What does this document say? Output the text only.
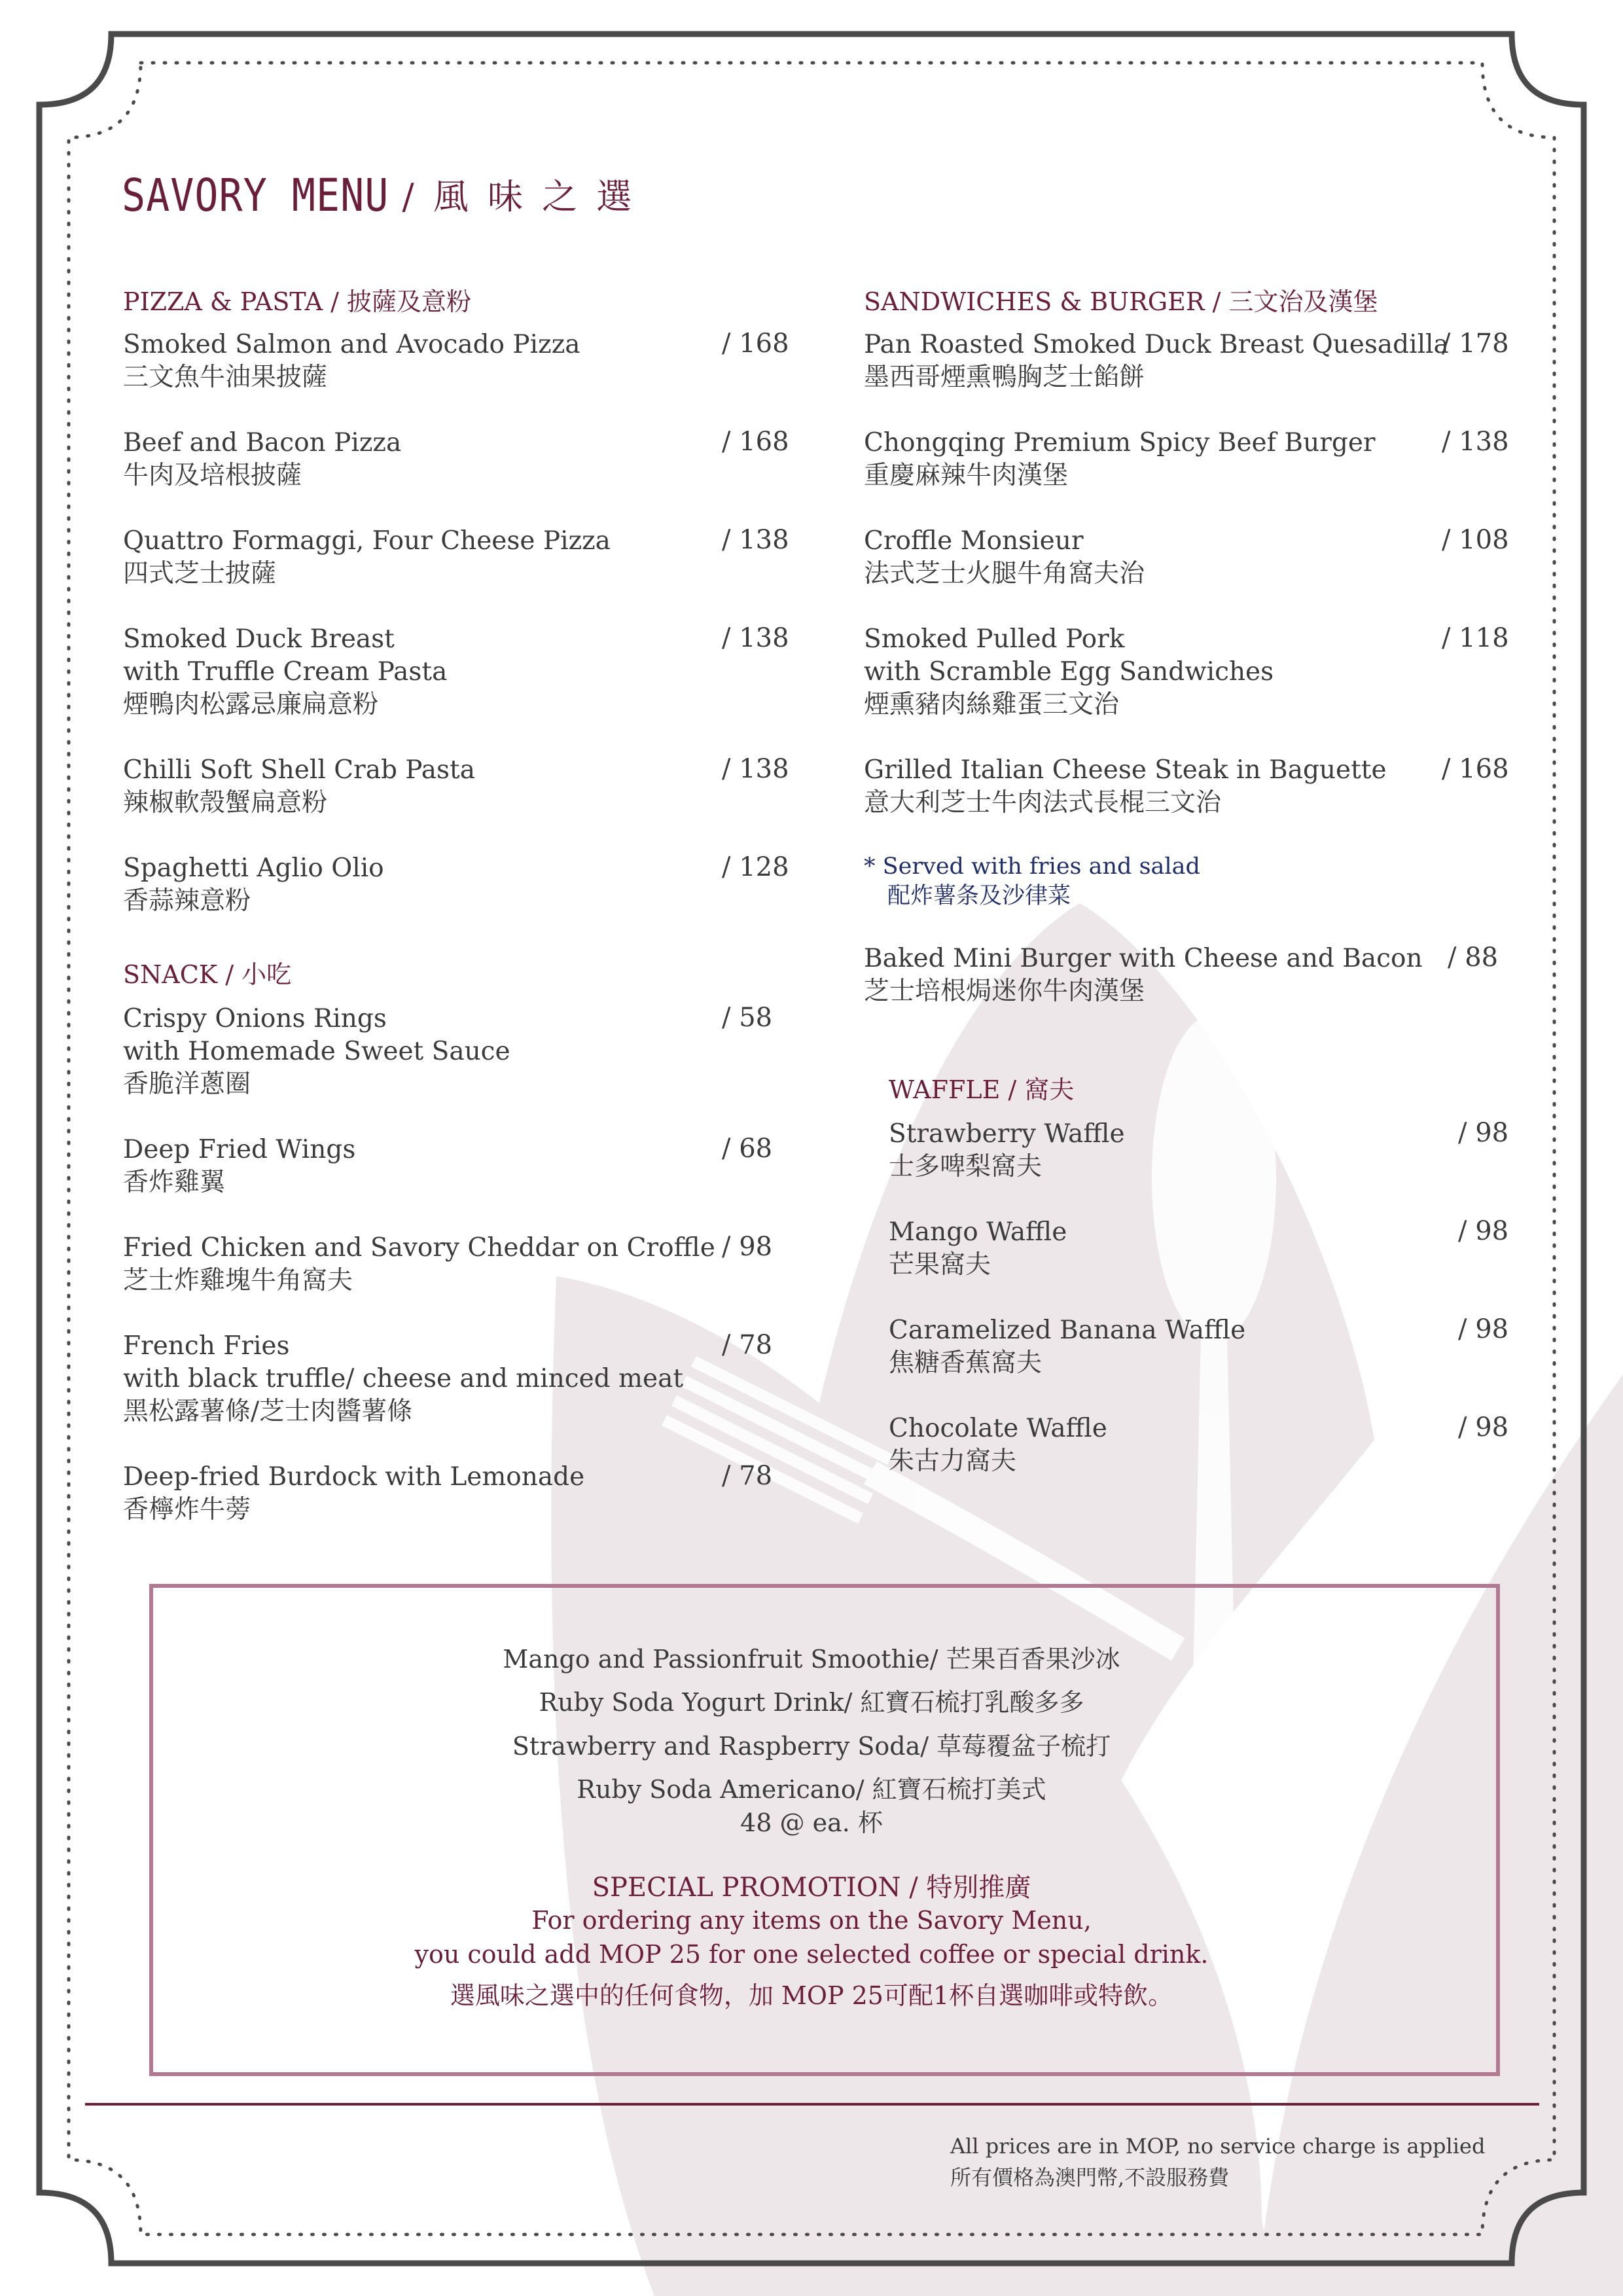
SAVORY MENU / 風 味 之 選
PIZZA & PASTA / 披薩及意粉
Smoked Salmon and Avocado Pizza
三文魚牛油果披薩
/ 168
Beef and Bacon Pizza
牛肉及培根披薩
/ 168
Quattro Formaggi, Four Cheese Pizza
四式芝士披薩
/ 138
Smoked Duck Breast
with Truffle Cream Pasta
煙鴨肉松露忌廉扁意粉
/ 138
Chilli Soft Shell Crab Pasta
辣椒軟殼蟹扁意粉
/ 138
Spaghetti Aglio Olio
香蒜辣意粉
/ 128
SNACK / 小吃
Crispy Onions Rings
with Homemade Sweet Sauce
香脆洋蔥圈
/ 58
Deep Fried Wings
香炸雞翼
/ 68
Fried Chicken and Savory Cheddar on Croffle
芝士炸雞塊牛角窩夫
/ 98
French Fries
with black truffle/ cheese and minced meat
黑松露薯條/芝士肉醬薯條
/ 78
Deep-fried Burdock with Lemonade
香檸炸牛蒡
/ 78
SANDWICHES & BURGER / 三文治及漢堡
Pan Roasted Smoked Duck Breast Quesadilla
墨西哥煙熏鴨胸芝士餡餅
/ 178
Chongqing Premium Spicy Beef Burger
重慶麻辣牛肉漢堡
/ 138
Croffle Monsieur
法式芝士火腿牛角窩夫治
/ 108
Smoked Pulled Pork
with Scramble Egg Sandwiches
煙熏豬肉絲雞蛋三文治
/ 118
Grilled Italian Cheese Steak in Baguette
意大利芝士牛肉法式長棍三文治
/ 168
* Served with fries and salad
配炸薯条及沙律菜
Baked Mini Burger with Cheese and Bacon
芝士培根焗迷你牛肉漢堡
/ 88
WAFFLE / 窩夫
Strawberry Waffle
士多啤梨窩夫
/ 98
Mango Waffle
芒果窩夫
/ 98
Caramelized Banana Waffle
焦糖香蕉窩夫
/ 98
Chocolate Waffle
朱古力窩夫
/ 98
Mango and Passionfruit Smoothie/ 芒果百香果沙冰
Ruby Soda Yogurt Drink/ 紅寶石梳打乳酸多多
Strawberry and Raspberry Soda/ 草莓覆盆子梳打
Ruby Soda Americano/ 紅寶石梳打美式
48 @ ea. 杯
SPECIAL PROMOTION / 特別推廣
For ordering any items on the Savory Menu,
you could add MOP 25 for one selected coffee or special drink.
選風味之選中的任何食物，加 MOP 25可配1杯自選咖啡或特飲。
All prices are in MOP, no service charge is applied
所有價格為澳門幣,不設服務費
